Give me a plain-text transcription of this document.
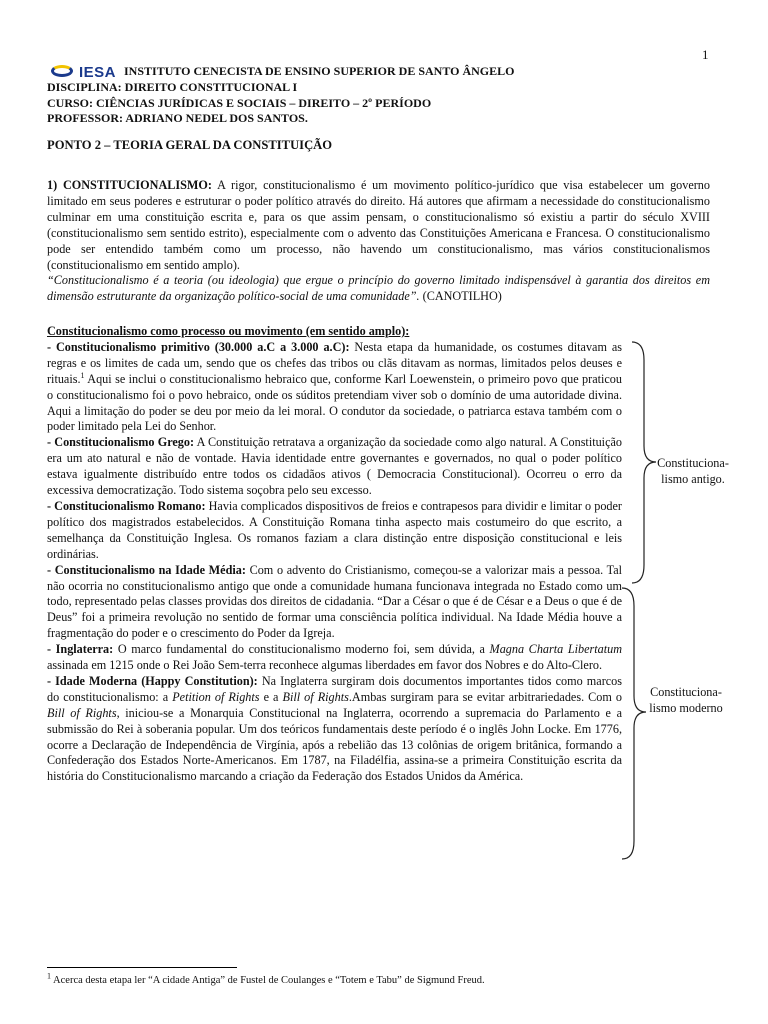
1
IESA INSTITUTO CENECISTA DE ENSINO SUPERIOR DE SANTO ÂNGELO
DISCIPLINA: DIREITO CONSTITUCIONAL I
CURSO: CIÊNCIAS JURÍDICAS E SOCIAIS – DIREITO – 2º PERÍODO
PROFESSOR: ADRIANO NEDEL DOS SANTOS.
PONTO 2 – TEORIA GERAL DA CONSTITUIÇÃO
1) CONSTITUCIONALISMO: A rigor, constitucionalismo é um movimento político-jurídico que visa estabelecer um governo limitado em seus poderes e estruturar o poder político através do direito. Há autores que afirmam a necessidade do constitucionalismo culminar em uma constituição escrita e, para os que assim pensam, o constitucionalismo só existiu a partir do século XVIII (constitucionalismo sem sentido estrito), especialmente com o advento das Constituições Americana e Francesa. O constitucionalismo pode ser entendido também como um processo, não havendo um constitucionalismo, mas vários constitucionalismos (constitucionalismo em sentido amplo).
“Constitucionalismo é a teoria (ou ideologia) que ergue o princípio do governo limitado indispensável à garantia dos direitos em dimensão estruturante da organização político-social de uma comunidade”. (CANOTILHO)
Constitucionalismo como processo ou movimento (em sentido amplo):
- Constitucionalismo primitivo (30.000 a.C a 3.000 a.C): Nesta etapa da humanidade, os costumes ditavam as regras e os limites de cada um, sendo que os chefes das tribos ou clãs ditavam as normas, limitados pelos deuses e rituais.$^1$ Aqui se inclui o constitucionalismo hebraico que, conforme Karl Loewenstein, o primeiro povo que praticou o constitucionalismo foi o povo hebraico, onde os súditos pretendiam viver sob o domínio de uma autoridade divina. Aqui a limitação do poder se deu por meio da lei moral. O condutor da sociedade, o patriarca estava também com o poder limitado pela Lei do Senhor.
- Constitucionalismo Grego: A Constituição retratava a organização da sociedade como algo natural. A Constituição era um ato natural e não de vontade. Havia identidade entre governantes e governados, no qual o poder político estava igualmente distribuído entre todos os cidadãos ativos ( Democracia Constitucional). Ocorreu o erro da excessiva democratização. Todo sistema soçobra pelo seu excesso.
- Constitucionalismo Romano: Havia complicados dispositivos de freios e contrapesos para dividir e limitar o poder político dos magistrados estabelecidos. A Constituição Romana tinha aspecto mais costumeiro do que escrito, a semelhança da Constituição Inglesa. Os romanos faziam a clara distinção entre disposição constitucional e leis ordinárias.
- Constitucionalismo na Idade Média: Com o advento do Cristianismo, começou-se a valorizar mais a pessoa. Tal não ocorria no constitucionalismo antigo que onde a comunidade humana funcionava integrada no Estado como um todo, representado pelas classes providas dos direitos de cidadania. “Dar a César o que é de César e a Deus o que é de Deus” foi a primeira revolução no sentido de formar uma consciência política individual. Na Idade Média houve a fragmentação do poder e o crescimento do Poder da Igreja.
- Inglaterra: O marco fundamental do constitucionalismo moderno foi, sem dúvida, a Magna Charta Libertatum assinada em 1215 onde o Rei João Sem-terra reconhece algumas liberdades em favor dos Nobres e do Alto-Clero.
- Idade Moderna (Happy Constitution): Na Inglaterra surgiram dois documentos importantes tidos como marcos do constitucionalismo: a Petition of Rights e a Bill of Rights.Ambas surgiram para se evitar arbitrariedades. Com o Bill of Rights, iniciou-se a Monarquia Constitucional na Inglaterra, ocorrendo a supremacia do Parlamento e a submissão do Rei à soberania popular. Um dos teóricos fundamentais deste período é o inglês John Locke. Em 1776, ocorre a Declaração de Independência de Virgínia, após a rebelião das 13 colônias de origem britânica, formando a Confederação dos Estados Norte-Americanos. Em 1787, na Filadélfia, assina-se a primeira Constituição escrita da história do Constitucionalismo marcando a criação da Federação dos Estados Unidos da América.
Constituciona-
lismo antigo.
Constituciona-
lismo moderno
$^1$ Acerca desta etapa ler “A cidade Antiga” de Fustel de Coulanges e “Totem e Tabu” de Sigmund Freud.
